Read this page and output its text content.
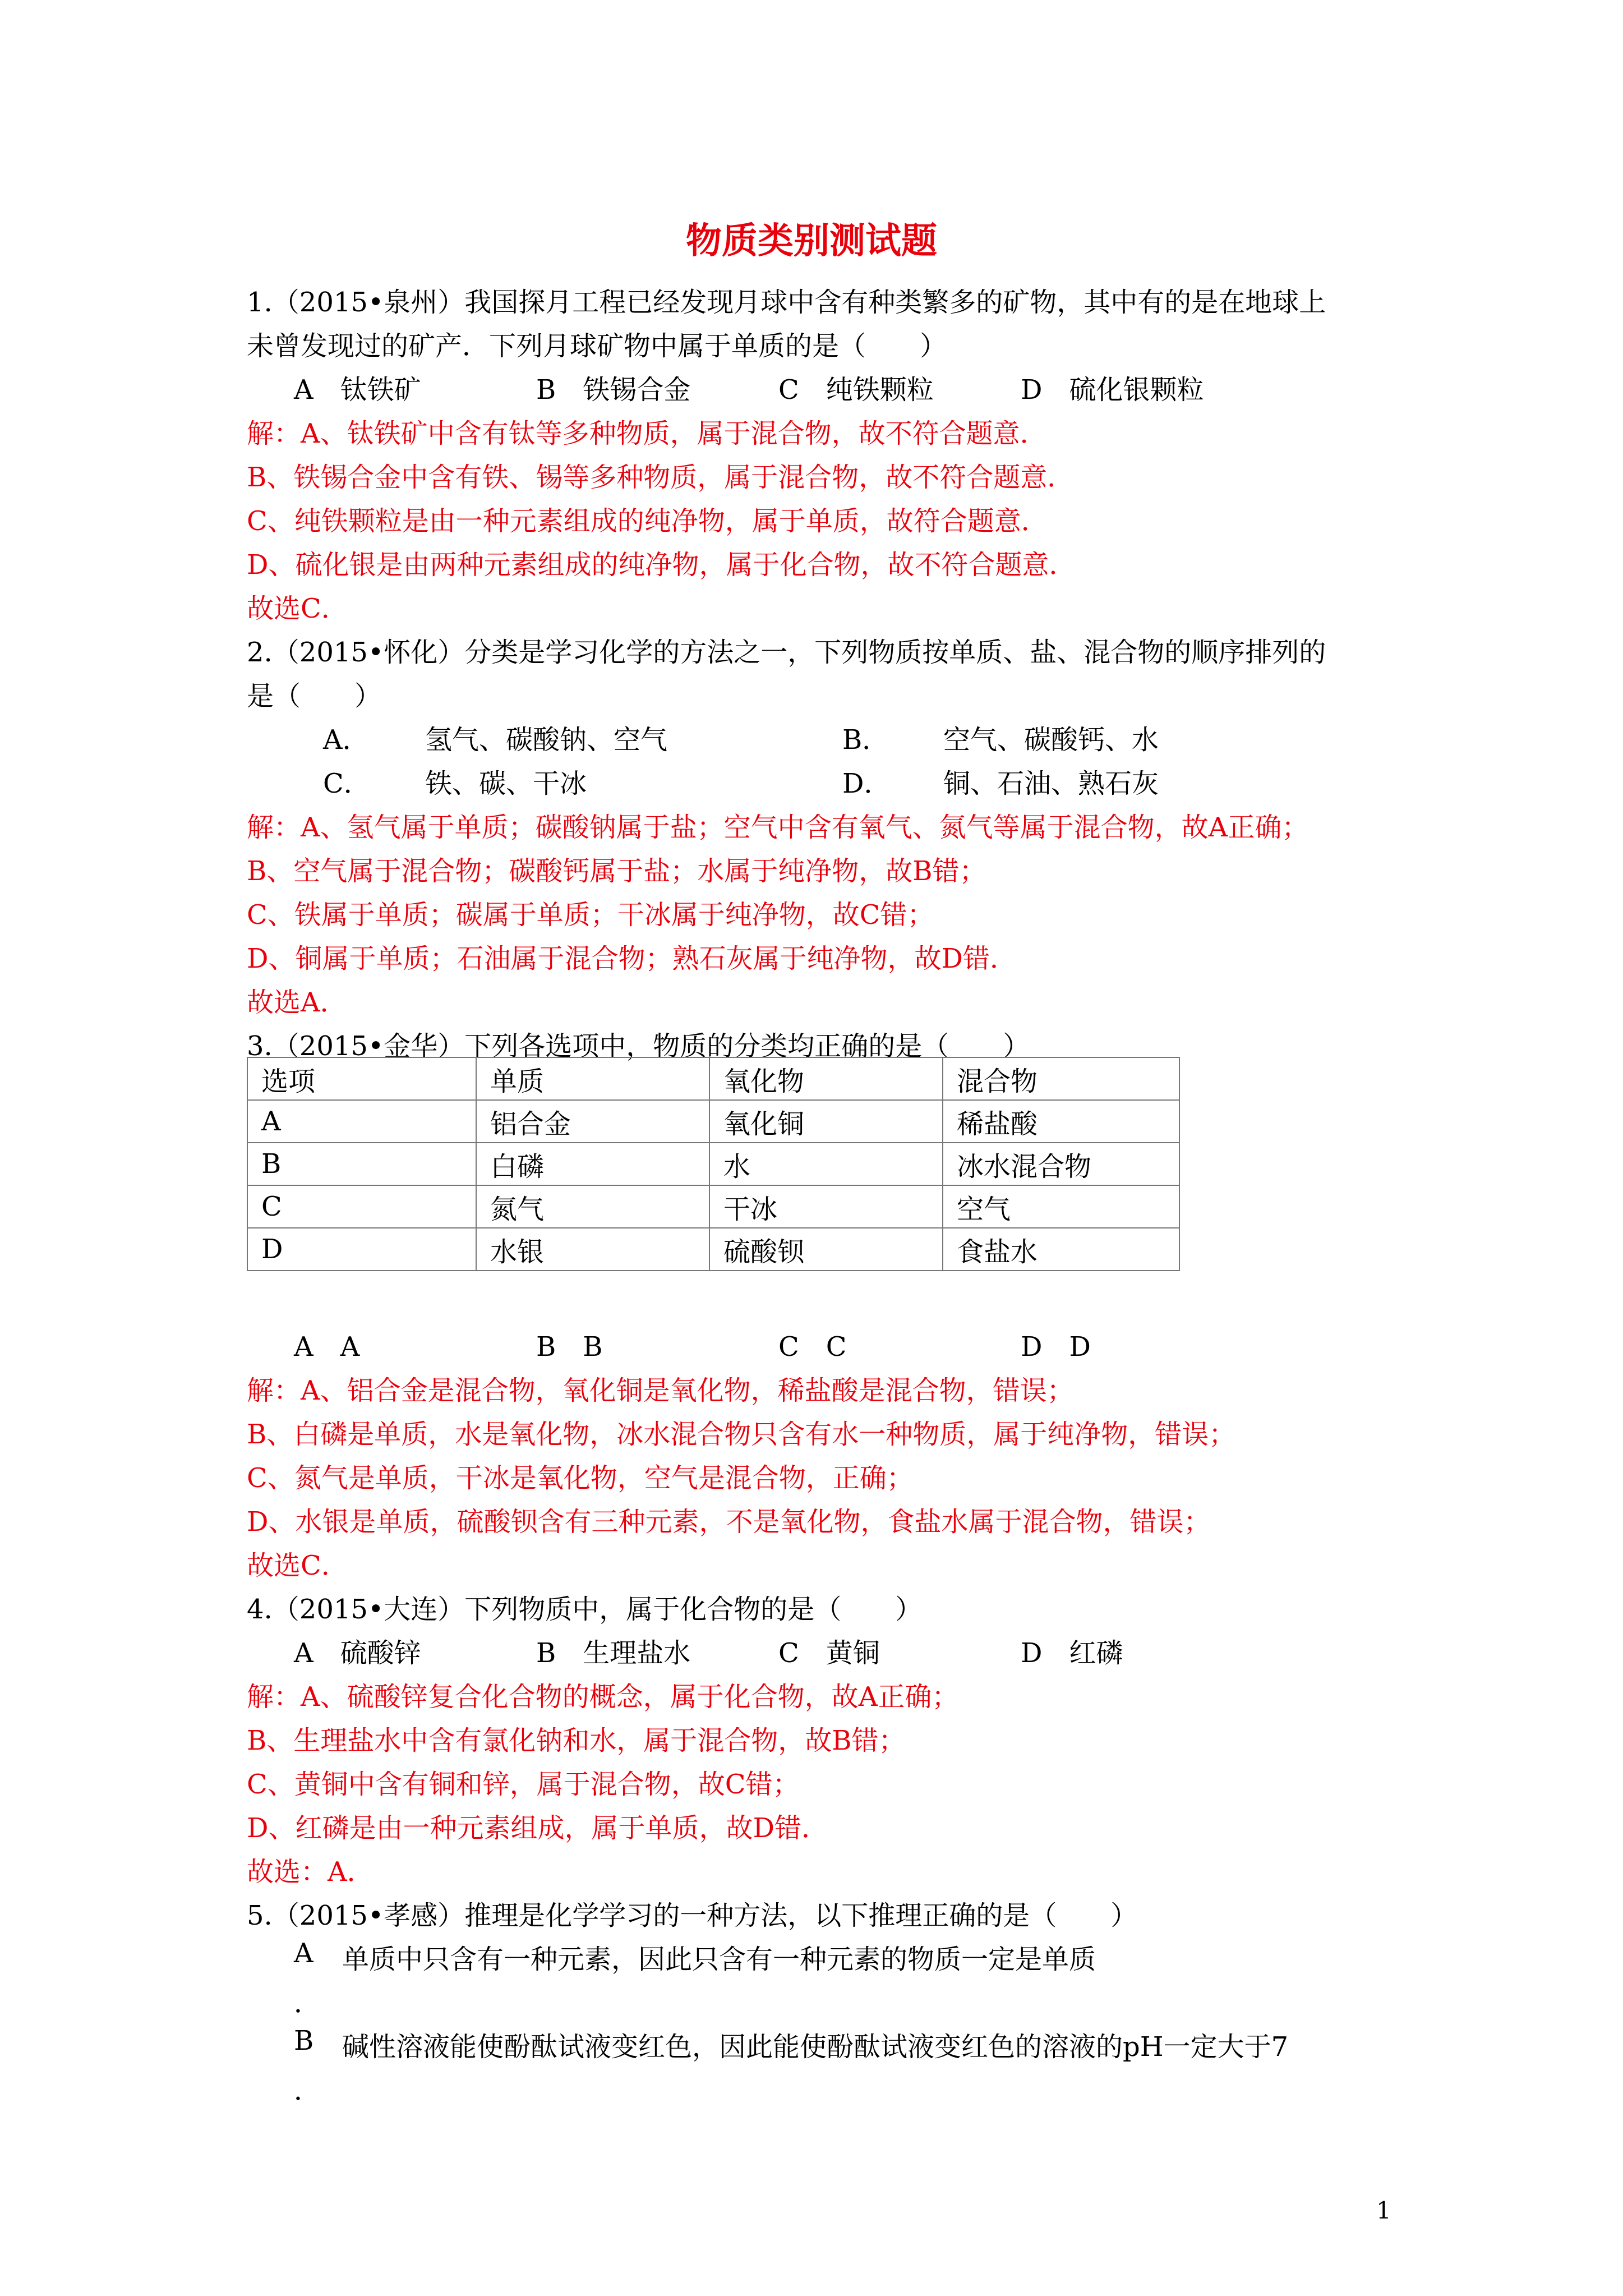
物质类别测试题
1.（2015•泉州）我国探月工程已经发现月球中含有种类繁多的矿物，其中有的是在地球上
未曾发现过的矿产．下列月球矿物中属于单质的是（　　）
A　钛铁矿	B　铁锡合金	C　纯铁颗粒	D　硫化银颗粒
解：A、钛铁矿中含有钛等多种物质，属于混合物，故不符合题意．
B、铁锡合金中含有铁、锡等多种物质，属于混合物，故不符合题意．
C、纯铁颗粒是由一种元素组成的纯净物，属于单质，故符合题意．
D、硫化银是由两种元素组成的纯净物，属于化合物，故不符合题意．
故选C．
2.（2015•怀化）分类是学习化学的方法之一，下列物质按单质、盐、混合物的顺序排列的
是（　　）
A． 氢气、碳酸钠、空气	B． 空气、碳酸钙、水
C． 铁、碳、干冰	D． 铜、石油、熟石灰
解：A、氢气属于单质；碳酸钠属于盐；空气中含有氧气、氮气等属于混合物，故A正确；
B、空气属于混合物；碳酸钙属于盐；水属于纯净物，故B错；
C、铁属于单质；碳属于单质；干冰属于纯净物，故C错；
D、铜属于单质；石油属于混合物；熟石灰属于纯净物，故D错．
故选A．
3.（2015•金华）下列各选项中，物质的分类均正确的是（　　）
选项	单质	氧化物	混合物
A	铝合金	氧化铜	稀盐酸
B	白磷	水	冰水混合物
C	氮气	干冰	空气
D	水银	硫酸钡	食盐水
A　A	B　B	C　C	D　D
解：A、铝合金是混合物，氧化铜是氧化物，稀盐酸是混合物，错误；
B、白磷是单质，水是氧化物，冰水混合物只含有水一种物质，属于纯净物，错误；
C、氮气是单质，干冰是氧化物，空气是混合物，正确；
D、水银是单质，硫酸钡含有三种元素，不是氧化物，食盐水属于混合物，错误；
故选C．
4.（2015•大连）下列物质中，属于化合物的是（　　）
A　硫酸锌	B　生理盐水	C　黄铜	D　红磷
解：A、硫酸锌复合化合物的概念，属于化合物，故A正确；
B、生理盐水中含有氯化钠和水，属于混合物，故B错；
C、黄铜中含有铜和锌，属于混合物，故C错；
D、红磷是由一种元素组成，属于单质，故D错．
故选：A．
5.（2015•孝感）推理是化学学习的一种方法，以下推理正确的是（　　）
A 单质中只含有一种元素，因此只含有一种元素的物质一定是单质
．
B 碱性溶液能使酚酞试液变红色，因此能使酚酞试液变红色的溶液的pH一定大于7
．
1
